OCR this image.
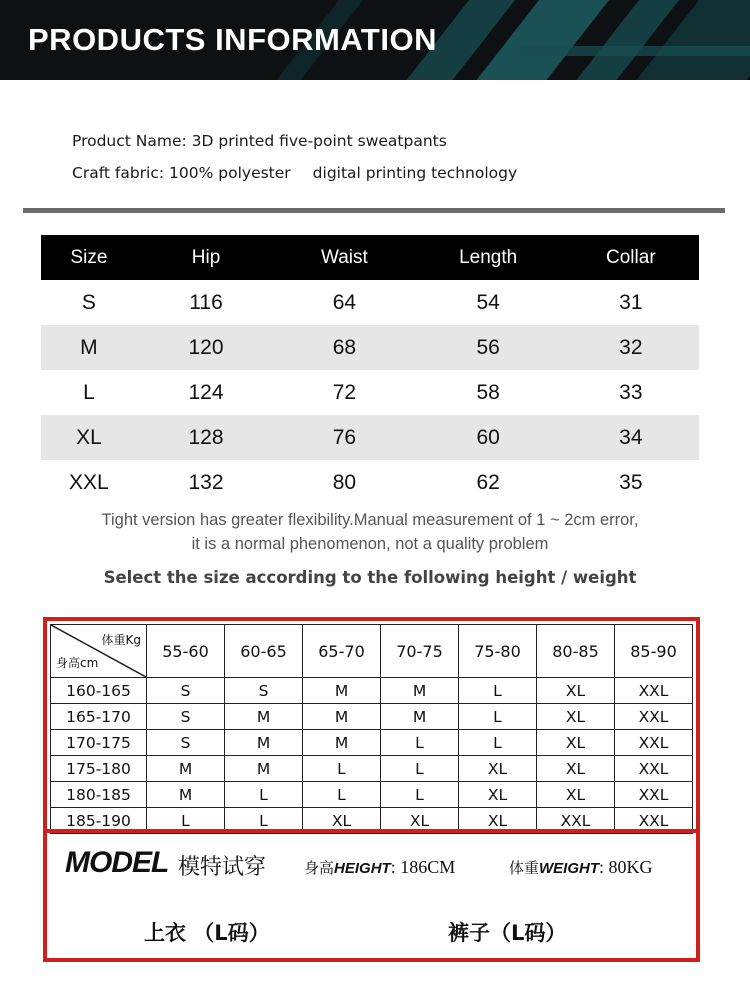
PRODUCTS INFORMATION
Product Name: 3D printed five-point sweatpants
Craft fabric: 100% polyester digital printing technology
Size	Hip	Waist	Length	Collar
S	116	64	54	31
M	120	68	56	32
L	124	72	58	33
XL	128	76	60	34
XXL	132	80	62	35
Tight version has greater flexibility.Manual measurement of 1 ~ 2cm error,
it is a normal phenomenon, not a quality problem
Select the size according to the following height / weight
体重Kg
身高cm	55-60	60-65	65-70	70-75	75-80	80-85	85-90
160-165	S	S	M	M	L	XL	XXL
165-170	S	M	M	M	L	XL	XXL
170-175	S	M	M	L	L	XL	XXL
175-180	M	M	L	L	XL	XL	XXL
180-185	M	L	L	L	XL	XL	XXL
185-190	L	L	XL	XL	XL	XXL	XXL
MODEL 模特试穿	身高HEIGHT: 186CM	体重WEIGHT: 80KG
上衣 （L码）	裤子（L码）
